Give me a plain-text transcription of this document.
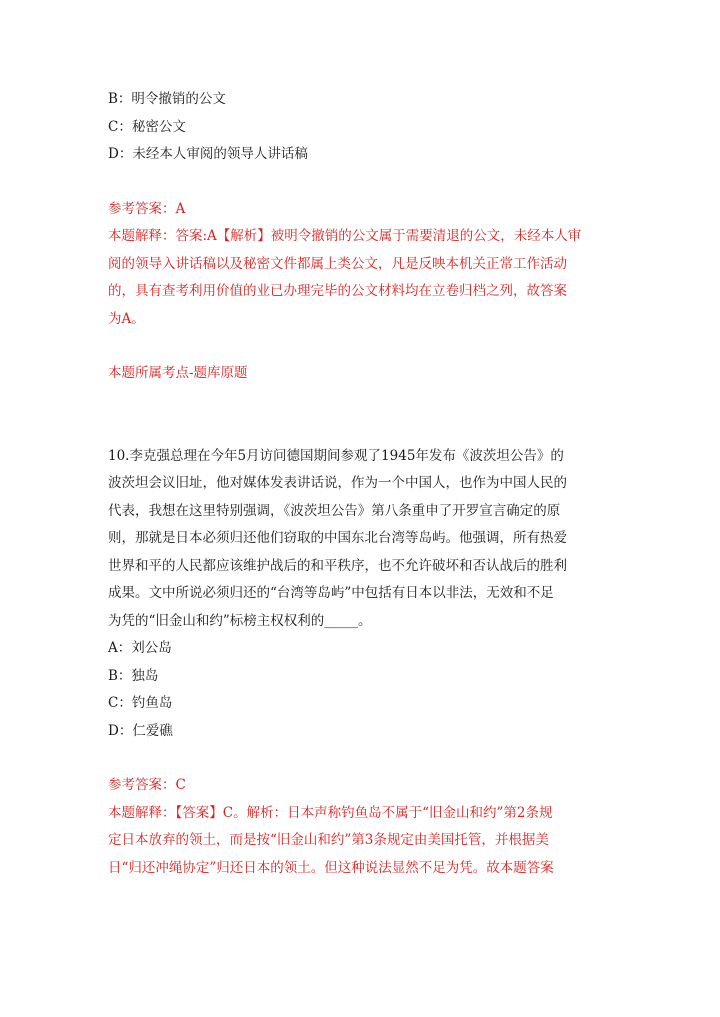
B：明令撤销的公文
C：秘密公文
D：未经本人审阅的领导人讲话稿
参考答案：A
本题解释：答案:A【解析】被明令撤销的公文属于需要清退的公文，未经本人审
阅的领导入讲话稿以及秘密文件都属上类公文，凡是反映本机关正常工作活动
的，具有查考利用价值的业已办理完毕的公文材料均在立卷归档之列，故答案
为A。
本题所属考点-题库原题
10.李克强总理在今年5月访问德国期间参观了1945年发布《波茨坦公告》的
波茨坦会议旧址，他对媒体发表讲话说，作为一个中国人，也作为中国人民的
代表，我想在这里特别强调，《波茨坦公告》第八条重申了开罗宣言确定的原
则，那就是日本必须归还他们窃取的中国东北台湾等岛屿。他强调，所有热爱
世界和平的人民都应该维护战后的和平秩序，也不允许破坏和否认战后的胜利
成果。文中所说必须归还的“台湾等岛屿”中包括有日本以非法，无效和不足
为凭的“旧金山和约”标榜主权权利的_____。
A：刘公岛
B：独岛
C：钓鱼岛
D：仁爱礁
参考答案：C
本题解释：【答案】C。解析：日本声称钓鱼岛不属于“旧金山和约”第2条规
定日本放弃的领土，而是按“旧金山和约”第3条规定由美国托管，并根据美
日“归还冲绳协定”归还日本的领土。但这种说法显然不足为凭。故本题答案
